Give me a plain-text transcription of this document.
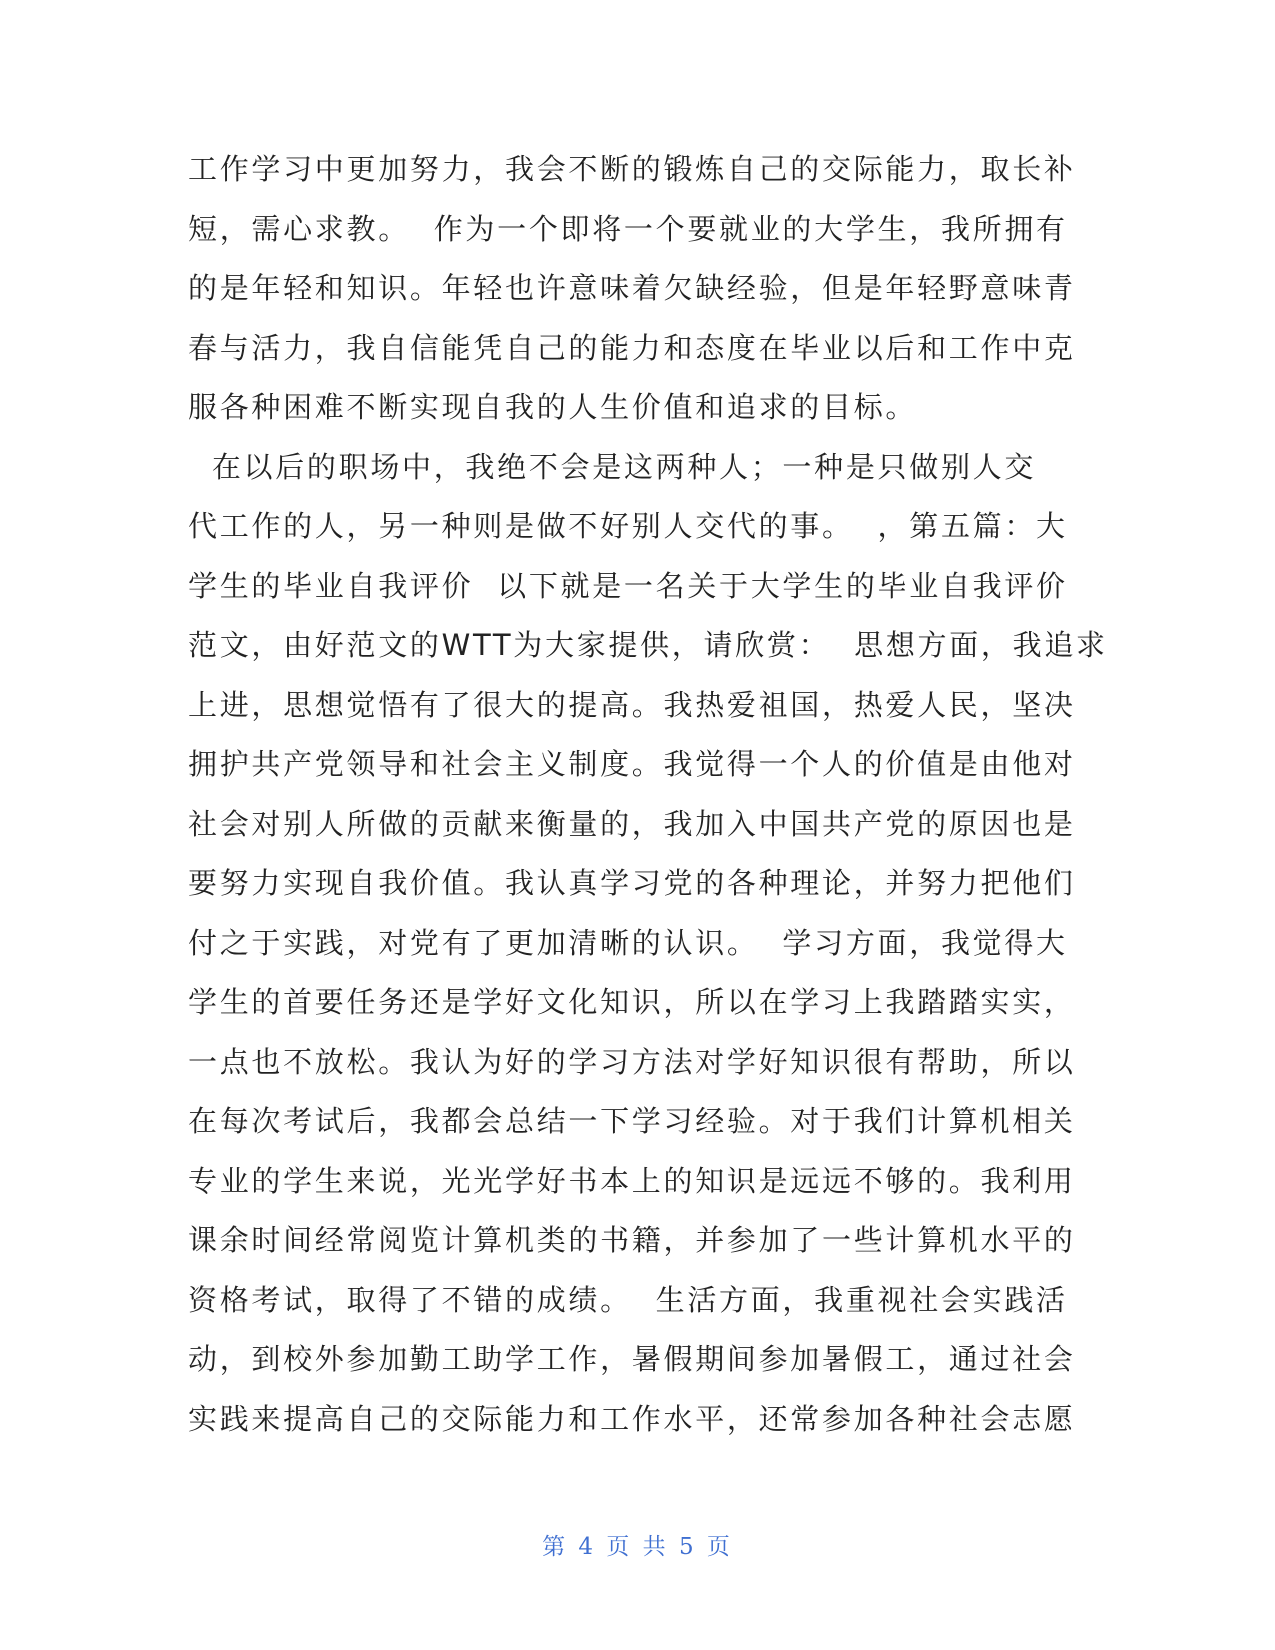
工作学习中更加努力，我会不断的锻炼自己的交际能力，取长补
短，需心求教。  作为一个即将一个要就业的大学生，我所拥有
的是年轻和知识。年轻也许意味着欠缺经验，但是年轻野意味青
春与活力，我自信能凭自己的能力和态度在毕业以后和工作中克
服各种困难不断实现自我的人生价值和追求的目标。
在以后的职场中，我绝不会是这两种人；一种是只做别人交
代工作的人，另一种则是做不好别人交代的事。  ，第五篇：大
学生的毕业自我评价  以下就是一名关于大学生的毕业自我评价
范文，由好范文的WTT为大家提供，请欣赏：  思想方面，我追求
上进，思想觉悟有了很大的提高。我热爱祖国，热爱人民，坚决
拥护共产党领导和社会主义制度。我觉得一个人的价值是由他对
社会对别人所做的贡献来衡量的，我加入中国共产党的原因也是
要努力实现自我价值。我认真学习党的各种理论，并努力把他们
付之于实践，对党有了更加清晰的认识。  学习方面，我觉得大
学生的首要任务还是学好文化知识，所以在学习上我踏踏实实，
一点也不放松。我认为好的学习方法对学好知识很有帮助，所以
在每次考试后，我都会总结一下学习经验。对于我们计算机相关
专业的学生来说，光光学好书本上的知识是远远不够的。我利用
课余时间经常阅览计算机类的书籍，并参加了一些计算机水平的
资格考试，取得了不错的成绩。  生活方面，我重视社会实践活
动，到校外参加勤工助学工作，暑假期间参加暑假工，通过社会
实践来提高自己的交际能力和工作水平，还常参加各种社会志愿
第 4 页 共 5 页
